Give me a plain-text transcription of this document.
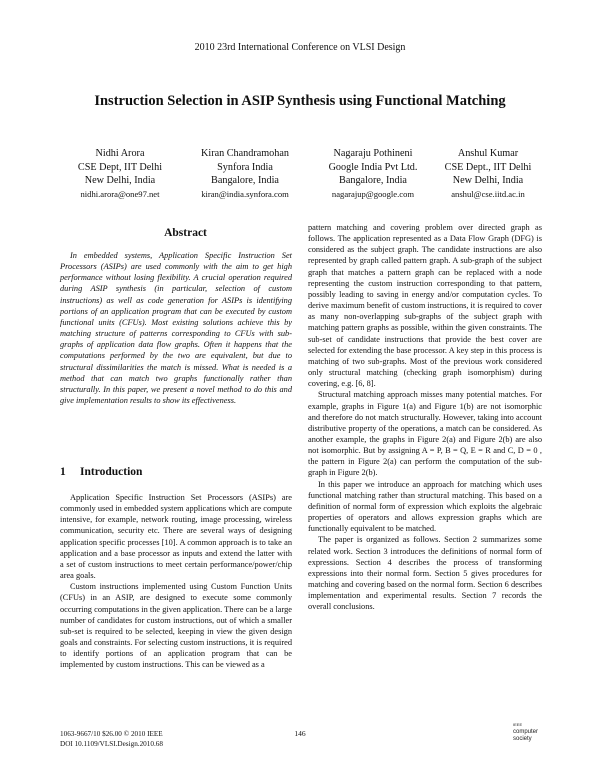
2010 23rd International Conference on VLSI Design
Instruction Selection in ASIP Synthesis using Functional Matching
Nidhi Arora
CSE Dept, IIT Delhi
New Delhi, India
nidhi.arora@one97.net
Kiran Chandramohan
Synfora India
Bangalore, India
kiran@india.synfora.com
Nagaraju Pothineni
Google India Pvt Ltd.
Bangalore, India
nagarajup@google.com
Anshul Kumar
CSE Dept., IIT Delhi
New Delhi, India
anshul@cse.iitd.ac.in
Abstract

In embedded systems, Application Specific Instruction Set Processors (ASIPs) are used commonly with the aim to get high performance without losing flexibility. A crucial operation required during ASIP synthesis (in particular, selection of custom instructions) as well as code generation for ASIPs is identifying portions of an application program that can be executed by custom functional units (CFUs). Most existing solutions achieve this by matching structure of patterns corresponding to CFUs with sub-graphs of application data flow graphs. Often it happens that the computations performed by the two are equivalent, but due to structural dissimilarities the match is missed. What is needed is a method that can match two graphs functionally rather than structurally. In this paper, we present a novel method to do this and give implementation results to show its effectiveness.

1 Introduction

Application Specific Instruction Set Processors (ASIPs) are commonly used in embedded system applications which are compute intensive, for example, network routing, image processing, wireless communication, security etc. There are several ways of designing application specific processes [10]. A common approach is to take an application and a base processor as inputs and extend the latter with a set of custom instructions to meet certain performance/power/chip area goals.

Custom instructions implemented using Custom Function Units (CFUs) in an ASIP, are designed to execute some commonly occurring computations in the given application. There can be a large number of candidates for custom instructions, out of which a smaller sub-set is required to be selected, keeping in view the given design goals and constraints. For selecting custom instructions, it is required to identify portions of an application program that can be implemented by custom instructions. This can be viewed as a

pattern matching and covering problem over directed graph as follows. The application represented as a Data Flow Graph (DFG) is considered as the subject graph. The candidate instructions are also represented by graph called pattern graph. A sub-graph of the subject graph that matches a pattern graph can be replaced with a node representing the custom instruction corresponding to that pattern, possibly leading to saving in energy and/or computation cycles. To derive maximum benefit of custom instructions, it is required to cover as many non-overlapping sub-graphs of the subject graph with matching pattern graphs as possible, within the given constraints. The sub-set of candidate instructions that provide the best cover are selected for extending the base processor. A key step in this process is matching of two sub-graphs. Most of the previous work considered only structural matching (checking graph isomorphism) during covering, e.g. [6, 8].

Structural matching approach misses many potential matches. For example, graphs in Figure 1(a) and Figure 1(b) are not isomorphic and therefore do not match structurally. However, taking into account distributive property of the operations, a match can be considered. As another example, the graphs in Figure 2(a) and Figure 2(b) are also not isomorphic. But by assigning A = P, B = Q, E = R and C, D = 0 , the pattern in Figure 2(a) can perform the computation of the sub-graph in Figure 2(b).

In this paper we introduce an approach for matching which uses functional matching rather than structural matching. This based on a definition of normal form of expression which exploits the algebraic properties of operators and allows expression graphs which are functionally equivalent to be matched.

The paper is organized as follows. Section 2 summarizes some related work. Section 3 introduces the definitions of normal form of expressions. Section 4 describes the process of transforming expressions into their normal form. Section 5 gives procedures for matching and covering based on the normal form. Section 6 describes implementation and experimental results. Section 7 records the overall conclusions.

1063-9667/10 $26.00 © 2010 IEEE
DOI 10.1109/VLSI.Design.2010.68
146
IEEE
computer
society
